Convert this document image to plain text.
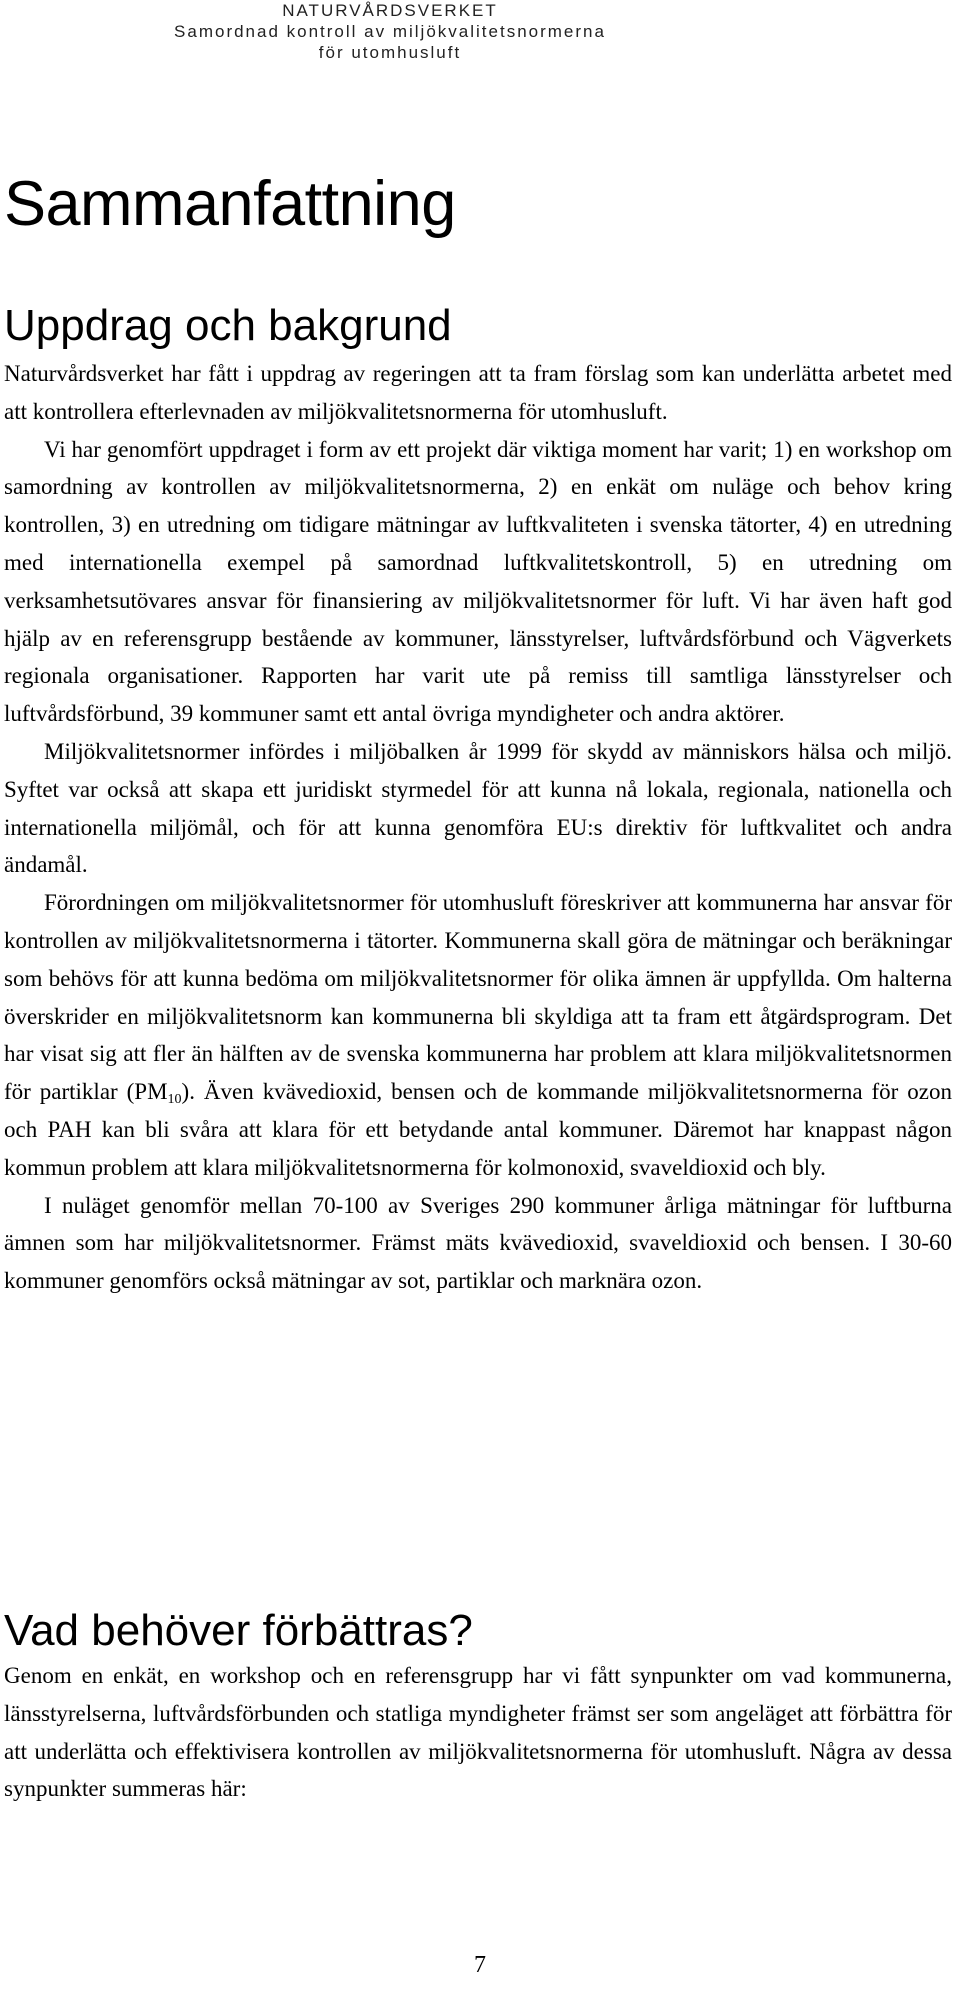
NATURVÅRDSVERKET
Samordnad kontroll av miljökvalitetsnormerna
för utomhusluft
Sammanfattning
Uppdrag och bakgrund

Naturvårdsverket har fått i uppdrag av regeringen att ta fram förslag som kan underlätta arbetet med att kontrollera efterlevnaden av miljökvalitetsnormerna för utomhusluft.

Vi har genomfört uppdraget i form av ett projekt där viktiga moment har varit; 1) en workshop om samordning av kontrollen av miljökvalitetsnormerna, 2) en enkät om nuläge och behov kring kontrollen, 3) en utredning om tidigare mätningar av luftkvaliteten i svenska tätorter, 4) en utredning med internationella exempel på samordnad luftkvalitetskontroll, 5) en utredning om verksamhetsutövares ansvar för finansiering av miljökvalitetsnormer för luft. Vi har även haft god hjälp av en referensgrupp bestående av kommuner, länsstyrelser, luftvårdsförbund och Vägverkets regionala organisationer. Rapporten har varit ute på remiss till samtliga länsstyrelser och luftvårdsförbund, 39 kommuner samt ett antal övriga myndigheter och andra aktörer.

Miljökvalitetsnormer infördes i miljöbalken år 1999 för skydd av människors hälsa och miljö. Syftet var också att skapa ett juridiskt styrmedel för att kunna nå lokala, regionala, nationella och internationella miljömål, och för att kunna genomföra EU:s direktiv för luftkvalitet och andra ändamål.

Förordningen om miljökvalitetsnormer för utomhusluft föreskriver att kommunerna har ansvar för kontrollen av miljökvalitetsnormerna i tätorter. Kommunerna skall göra de mätningar och beräkningar som behövs för att kunna bedöma om miljökvalitetsnormer för olika ämnen är uppfyllda. Om halterna överskrider en miljökvalitetsnorm kan kommunerna bli skyldiga att ta fram ett åtgärdsprogram. Det har visat sig att fler än hälften av de svenska kommunerna har problem att klara miljökvalitetsnormen för partiklar $(PM_{10})$. Även kvävedioxid, bensen och de kommande miljökvalitetsnormerna för ozon och PAH kan bli svåra att klara för ett betydande antal kommuner. Däremot har knappast någon kommun problem att klara miljökvalitetsnormerna för kolmonoxid, svaveldioxid och bly.

I nuläget genomför mellan 70-100 av Sveriges 290 kommuner årliga mätningar för luftburna ämnen som har miljökvalitetsnormer. Främst mäts kvävedioxid, svaveldioxid och bensen. I 30-60 kommuner genomförs också mätningar av sot, partiklar och marknära ozon.

Vad behöver förbättras?

Genom en enkät, en workshop och en referensgrupp har vi fått synpunkter om vad kommunerna, länsstyrelserna, luftvårdsförbunden och statliga myndigheter främst ser som angeläget att förbättra för att underlätta och effektivisera kontrollen av miljökvalitetsnormerna för utomhusluft. Några av dessa synpunkter summeras här:

7
